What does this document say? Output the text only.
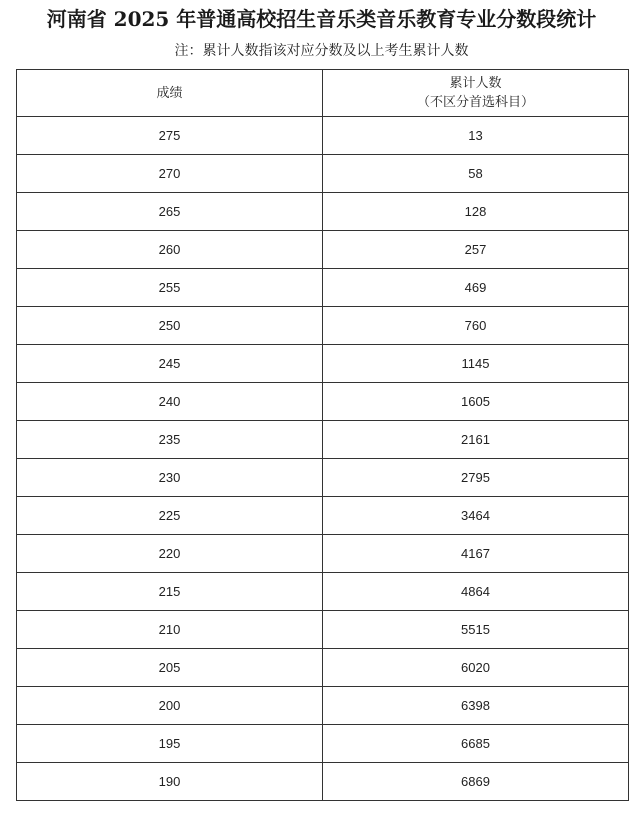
河南省 2025 年普通高校招生音乐类音乐教育专业分数段统计
注：累计人数指该对应分数及以上考生累计人数
成绩	累计人数
（不区分首选科目）

275	13
270	58
265	128
260	257
255	469
250	760
245	1145
240	1605
235	2161
230	2795
225	3464
220	4167
215	4864
210	5515
205	6020
200	6398
195	6685
190	6869
